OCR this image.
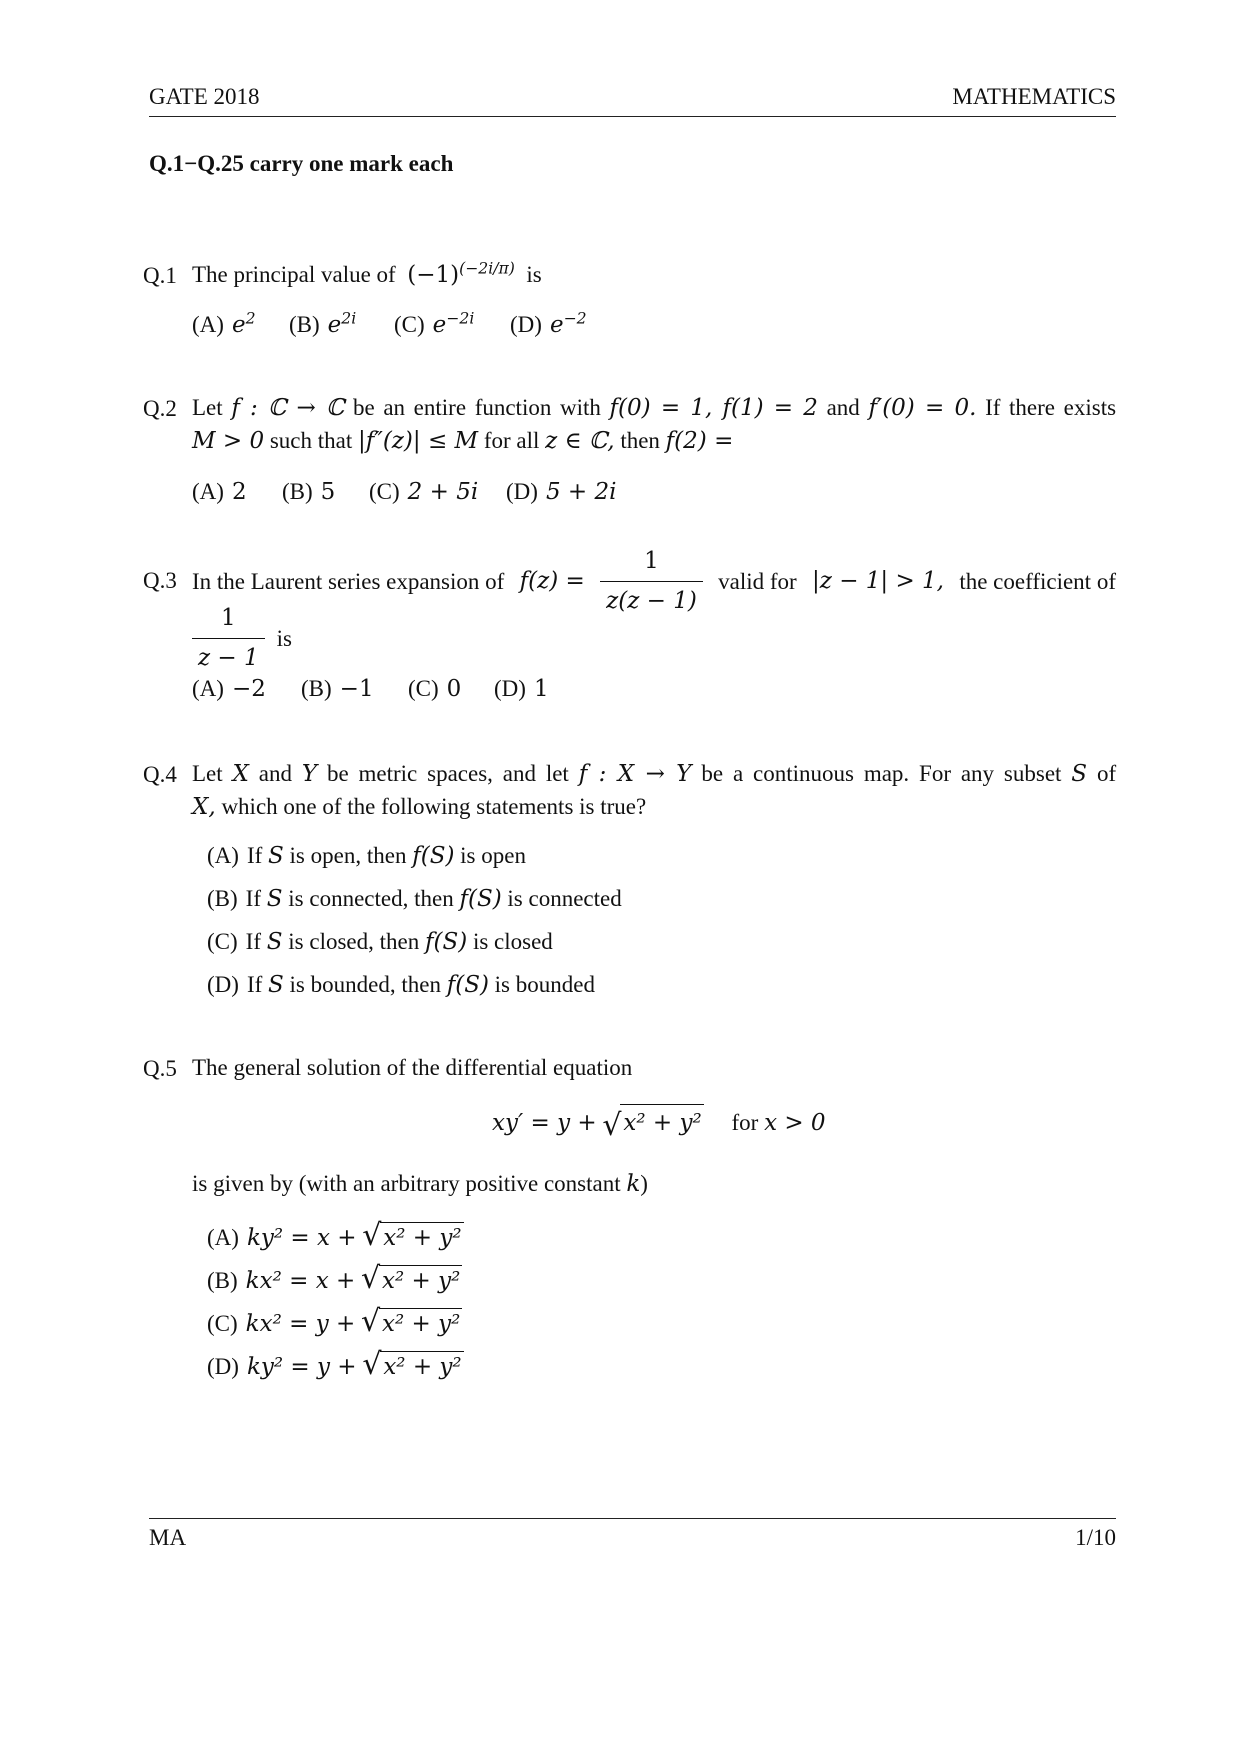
GATE 2018	MATHEMATICS
Q.1−Q.25 carry one mark each
Q.1 The principal value of $(-1)^{(-2i/\pi)}$ is
(A) $e^2$ (B) $e^{2i}$ (C) $e^{-2i}$ (D) $e^{-2}$
Q.2 Let f : ℂ → ℂ be an entire function with f(0) = 1, f(1) = 2 and f′(0) = 0. If there exists
M > 0 such that |f″(z)| ≤ M for all z ∈ ℂ, then f(2) =
(A) 2 (B) 5 (C) 2 + 5i (D) 5 + 2i
Q.3 In the Laurent series expansion of $f(z) = \frac{1}{z(z - 1)}$ valid for |z − 1| > 1, the coefficient of
$\frac{1}{z - 1}$ is
(A) −2 (B) −1 (C) 0 (D) 1
Q.4 Let X and Y be metric spaces, and let f : X → Y be a continuous map. For any subset S of
X, which one of the following statements is true?
(A) If S is open, then f(S) is open
(B) If S is connected, then f(S) is connected
(C) If S is closed, then f(S) is closed
(D) If S is bounded, then f(S) is bounded
Q.5 The general solution of the differential equation
xy′ = y + √ x² + y² for x > 0
is given by (with an arbitrary positive constant k)
(A) ky² = x + √ x² + y²
(B) kx² = x + √ x² + y²
(C) kx² = y + √ x² + y²
(D) ky² = y + √ x² + y²
MA	1/10
